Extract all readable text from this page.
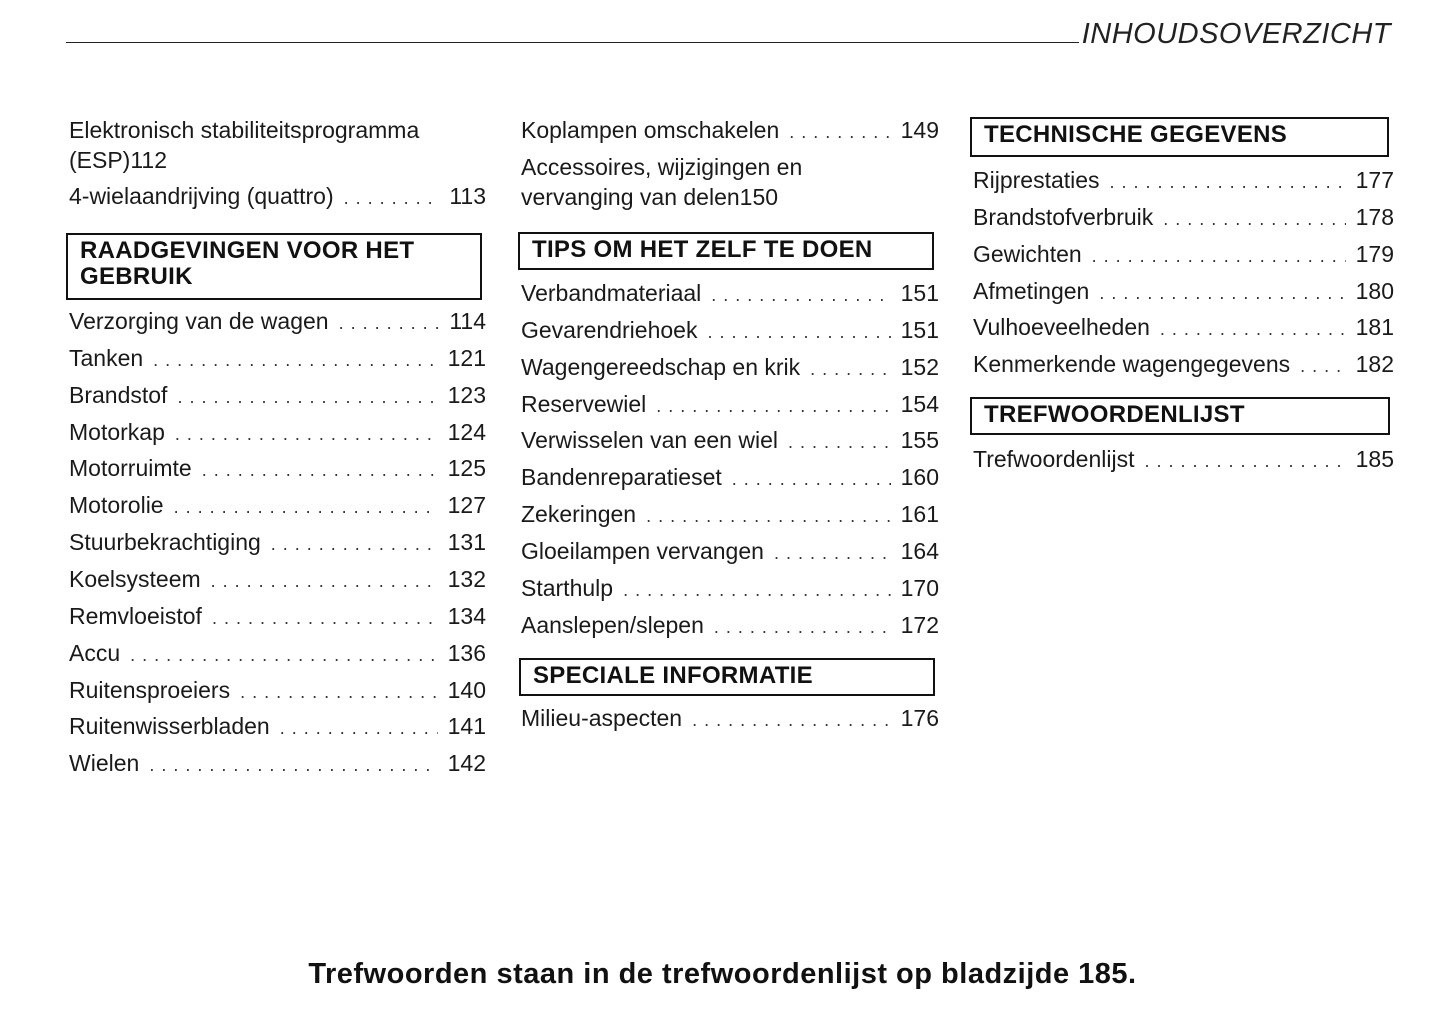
INHOUDSOVERZICHT
Elektronisch stabiliteitsprogramma
(ESP) 112
4-wielaandrijving (quattro) . . .	113
RAADGEVINGEN VOOR HET GEBRUIK
Verzorging van de wagen . . .	114
Tanken . . .	121
Brandstof . . .	123
Motorkap . . .	124
Motorruimte . . .	125
Motorolie . . .	127
Stuurbekrachtiging . . .	131
Koelsysteem . . .	132
Remvloeistof . . .	134
Accu . . .	136
Ruitensproeiers . . .	140
Ruitenwisserbladen . . .	141
Wielen . . .	142
Koplampen omschakelen . . .	149
Accessoires, wijzigingen en
vervanging van delen 150
TIPS OM HET ZELF TE DOEN
Verbandmateriaal . . .	151
Gevarendriehoek . . .	151
Wagengereedschap en krik . . .	152
Reservewiel . . .	154
Verwisselen van een wiel . . .	155
Bandenreparatieset . . .	160
Zekeringen . . .	161
Gloeilampen vervangen . . .	164
Starthulp . . .	170
Aanslepen/slepen . . .	172
SPECIALE INFORMATIE
Milieu-aspecten . . .	176
TECHNISCHE GEGEVENS
Rijprestaties . . .	177
Brandstofverbruik . . .	178
Gewichten . . .	179
Afmetingen . . .	180
Vulhoeveelheden . . .	181
Kenmerkende wagengegevens . . .	182
TREFWOORDENLIJST
Trefwoordenlijst . . .	185
Trefwoorden staan in de trefwoordenlijst op bladzijde 185.
